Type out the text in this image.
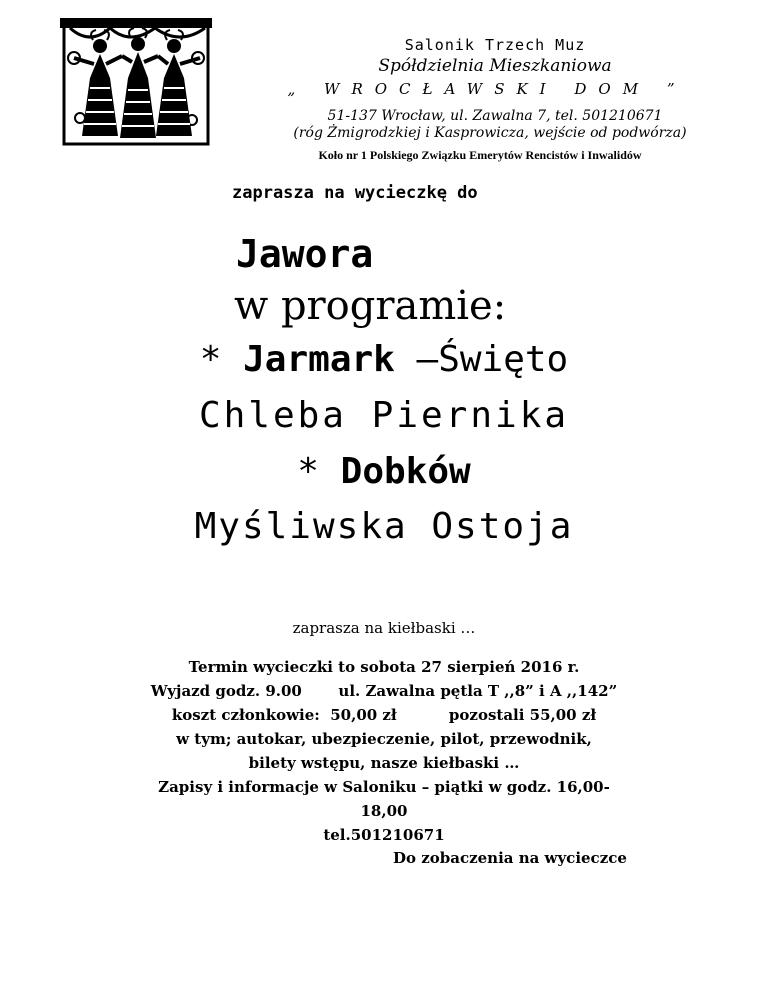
Salonik Trzech Muz
Spółdzielnia Mieszkaniowa
„ WROCŁAWSKI DOM ”
51-137 Wrocław, ul. Zawalna 7, tel. 501210671
(róg Żmigrodzkiej i Kasprowicza, wejście od podwórza)
Koło nr 1 Polskiego Związku Emerytów Rencistów i Inwalidów
zaprasza na wycieczkę do
Jawora
w programie:
* Jarmark –Święto
Chleba Piernika
* Dobków
Myśliwska Ostoja
zaprasza na kiełbaski …
Termin wycieczki to sobota 27 sierpień 2016 r.
Wyjazd godz. 9.00       ul. Zawalna pętla T ,,8” i A ,,142”
koszt członkowie:  50,00 zł          pozostali 55,00 zł
w tym; autokar, ubezpieczenie, pilot, przewodnik,
bilety wstępu, nasze kiełbaski …
Zapisy i informacje w Saloniku – piątki w godz. 16,00-
18,00
tel.501210671
Do zobaczenia na wycieczce
